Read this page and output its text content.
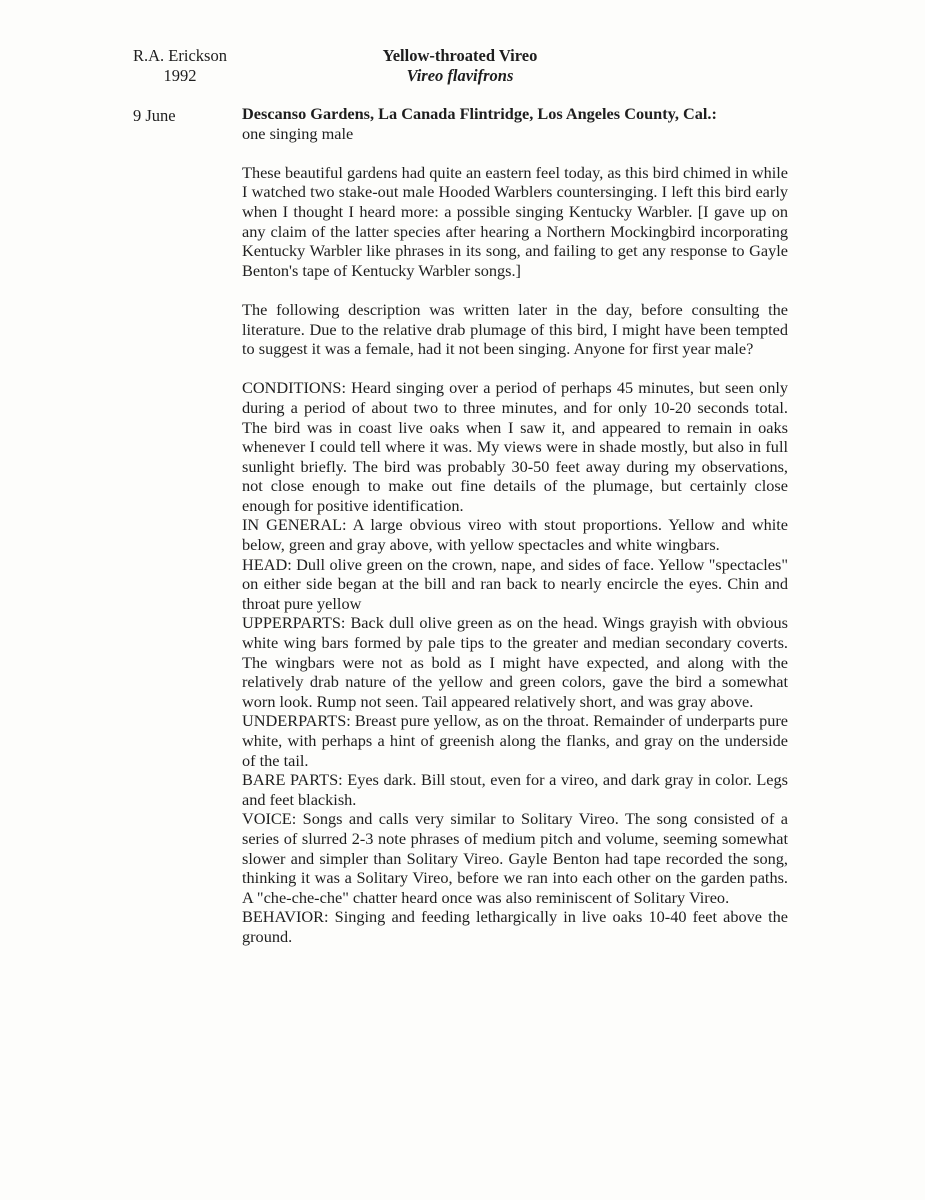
R.A. Erickson
1992
Yellow-throated Vireo
Vireo flavifrons
9 June	Descanso Gardens, La Canada Flintridge, Los Angeles County, Cal.:

one singing male

These beautiful gardens had quite an eastern feel today, as this bird chimed in while I watched two stake-out male Hooded Warblers countersinging. I left this bird early when I thought I heard more: a possible singing Kentucky Warbler. [I gave up on any claim of the latter species after hearing a Northern Mockingbird incorporating Kentucky Warbler like phrases in its song, and failing to get any response to Gayle Benton's tape of Kentucky Warbler songs.]

The following description was written later in the day, before consulting the literature. Due to the relative drab plumage of this bird, I might have been tempted to suggest it was a female, had it not been singing. Anyone for first year male?

CONDITIONS: Heard singing over a period of perhaps 45 minutes, but seen only during a period of about two to three minutes, and for only 10-20 seconds total. The bird was in coast live oaks when I saw it, and appeared to remain in oaks whenever I could tell where it was. My views were in shade mostly, but also in full sunlight briefly. The bird was probably 30-50 feet away during my observations, not close enough to make out fine details of the plumage, but certainly close enough for positive identification.

IN GENERAL: A large obvious vireo with stout proportions. Yellow and white below, green and gray above, with yellow spectacles and white wingbars.

HEAD: Dull olive green on the crown, nape, and sides of face. Yellow "spectacles" on either side began at the bill and ran back to nearly encircle the eyes. Chin and throat pure yellow

UPPERPARTS: Back dull olive green as on the head. Wings grayish with obvious white wing bars formed by pale tips to the greater and median secondary coverts. The wingbars were not as bold as I might have expected, and along with the relatively drab nature of the yellow and green colors, gave the bird a somewhat worn look. Rump not seen. Tail appeared relatively short, and was gray above.

UNDERPARTS: Breast pure yellow, as on the throat. Remainder of underparts pure white, with perhaps a hint of greenish along the flanks, and gray on the underside of the tail.

BARE PARTS: Eyes dark. Bill stout, even for a vireo, and dark gray in color. Legs and feet blackish.

VOICE: Songs and calls very similar to Solitary Vireo. The song consisted of a series of slurred 2-3 note phrases of medium pitch and volume, seeming somewhat slower and simpler than Solitary Vireo. Gayle Benton had tape recorded the song, thinking it was a Solitary Vireo, before we ran into each other on the garden paths. A "che-che-che" chatter heard once was also reminiscent of Solitary Vireo.

BEHAVIOR: Singing and feeding lethargically in live oaks 10-40 feet above the ground.
